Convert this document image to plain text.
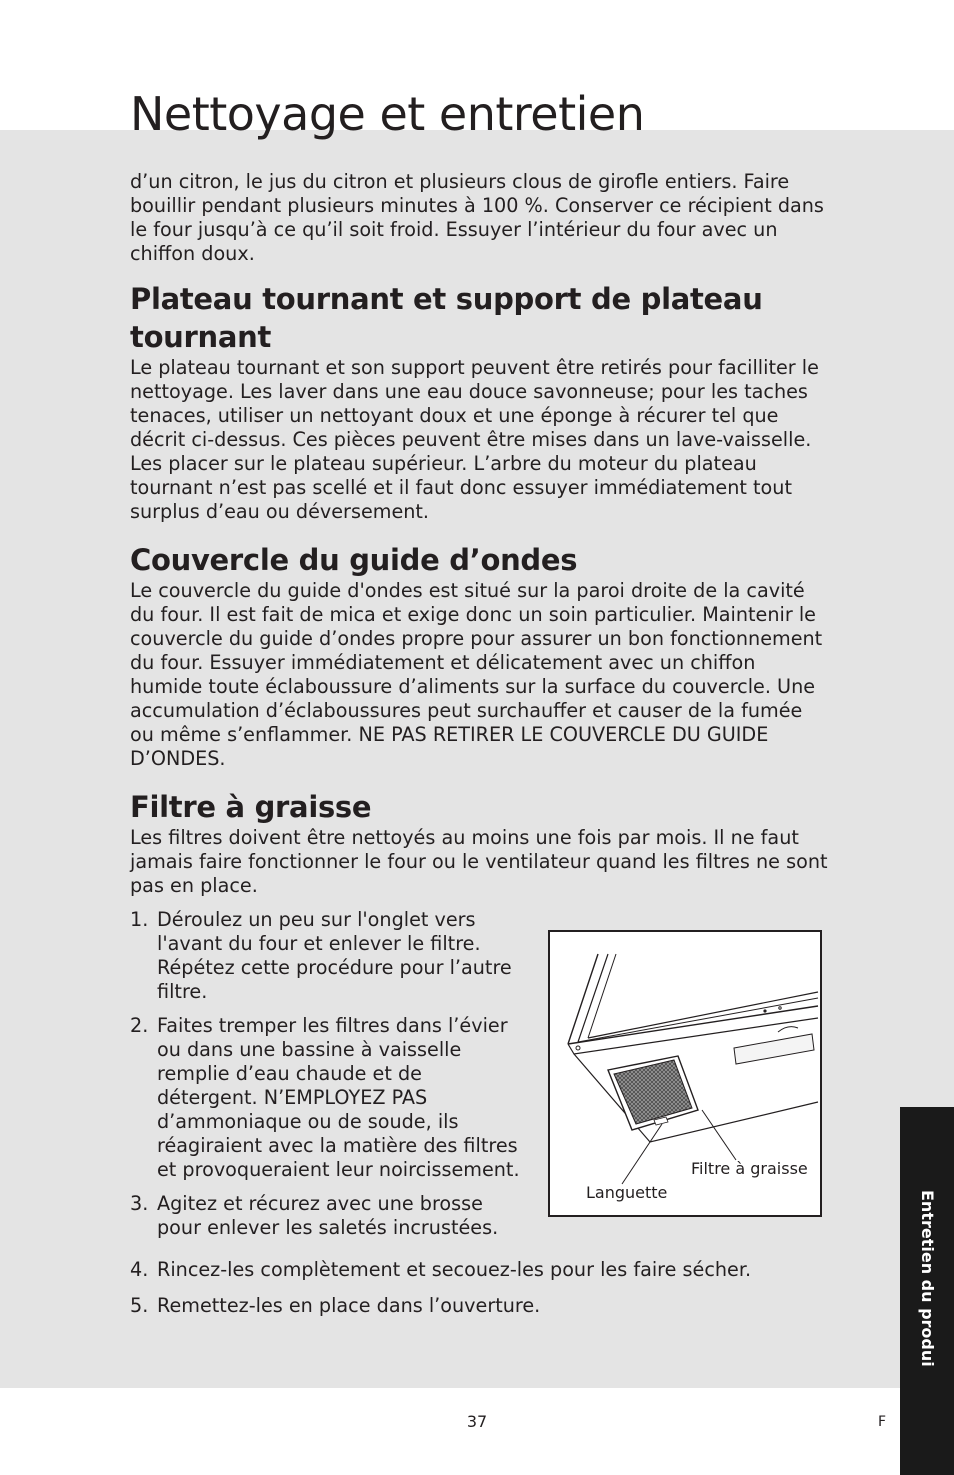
Nettoyage et entretien

d’un citron, le jus du citron et plusieurs clous de girofle entiers. Faire bouillir pendant plusieurs minutes à 100 %. Conserver ce récipient dans le four jusqu’à ce qu’il soit froid. Essuyer l’intérieur du four avec un chiffon doux.

Plateau tournant et support de plateau tournant

Le plateau tournant et son support peuvent être retirés pour facilliter le nettoyage. Les laver dans une eau douce savonneuse; pour les taches tenaces, utiliser un nettoyant doux et une éponge à récurer tel que décrit ci-dessus. Ces pièces peuvent être mises dans un lave-vaisselle. Les placer sur le plateau supérieur. L’arbre du moteur du plateau tournant n’est pas scellé et il faut donc essuyer immédiatement tout surplus d’eau ou déversement.

Couvercle du guide d’ondes

Le couvercle du guide d'ondes est situé sur la paroi droite de la cavité du four. Il est fait de mica et exige donc un soin particulier. Maintenir le couvercle du guide d’ondes propre pour assurer un bon fonctionnement du four. Essuyer immédiatement et délicatement avec un chiffon humide toute éclaboussure d’aliments sur la surface du couvercle. Une accumulation d’éclaboussures peut surchauffer et causer de la fumée ou même s’enflammer. NE PAS RETIRER LE COUVERCLE DU GUIDE D’ONDES.

Filtre à graisse

Les filtres doivent être nettoyés au moins une fois par mois. Il ne faut jamais faire fonctionner le four ou le ventilateur quand les filtres ne sont pas en place.

1. Déroulez un peu sur l'onglet vers l'avant du four et enlever le filtre. Répétez cette procédure pour l’autre filtre.
2. Faites tremper les filtres dans l’évier ou dans une bassine à vaisselle remplie d’eau chaude et de détergent. N’EMPLOYEZ PAS d’ammoniaque ou de soude, ils réagiraient avec la matière des filtres et provoqueraient leur noircissement.
3. Agitez et récurez avec une brosse pour enlever les saletés incrustées.
4. Rincez-les complètement et secouez-les pour les faire sécher.
5. Remettez-les en place dans l’ouverture.
Filtre à graisse
Languette	Entretien du produi
37	F
